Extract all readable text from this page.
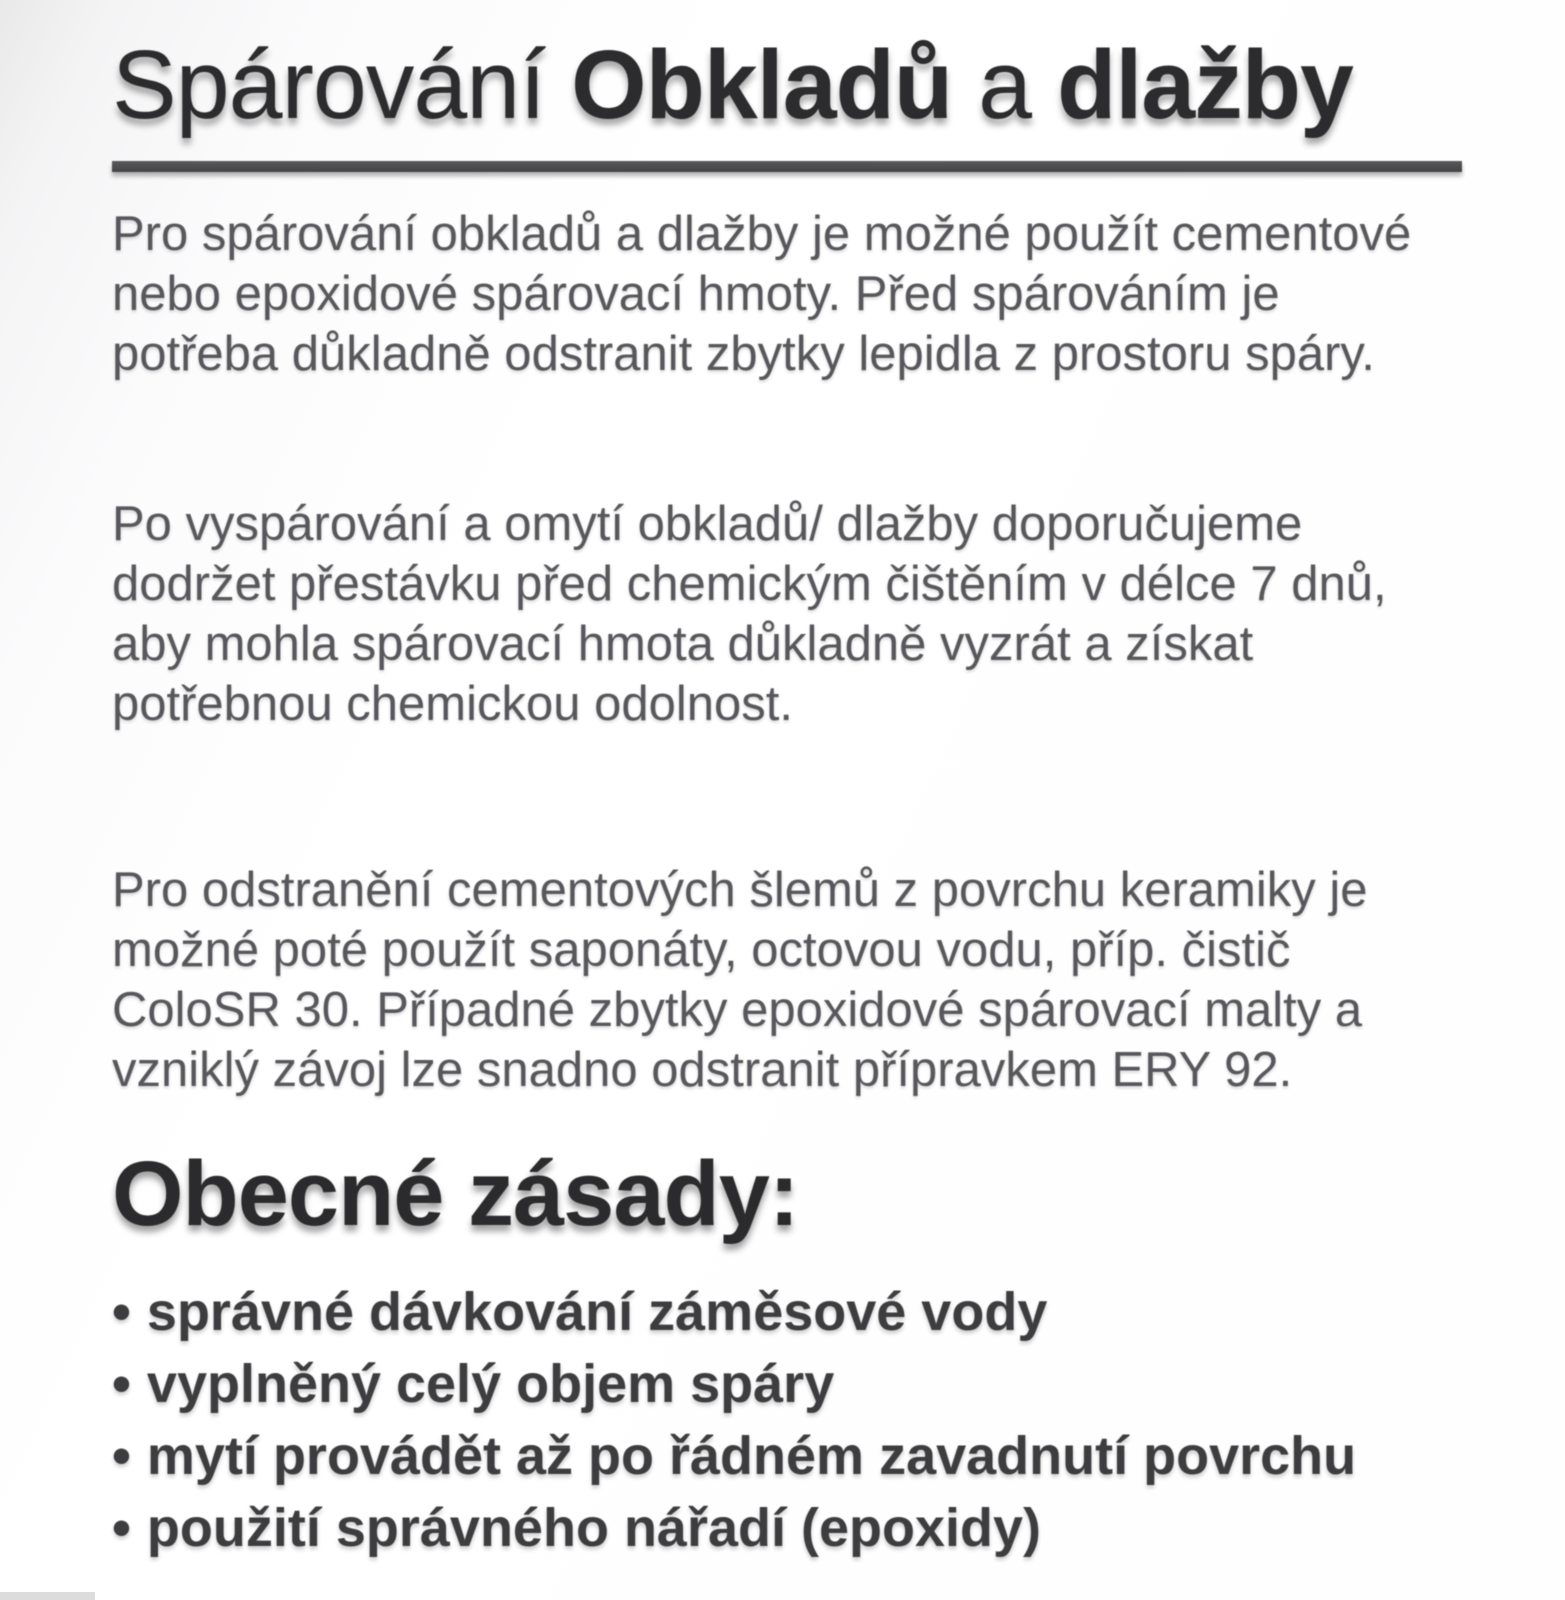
Spárování Obkladů a dlažby

Pro spárování obkladů a dlažby je možné použít cementové
nebo epoxidové spárovací hmoty. Před spárováním je
potřeba důkladně odstranit zbytky lepidla z prostoru spáry.

Po vyspárování a omytí obkladů/ dlažby doporučujeme
dodržet přestávku před chemickým čištěním v délce 7 dnů,
aby mohla spárovací hmota důkladně vyzrát a získat
potřebnou chemickou odolnost.

Pro odstranění cementových šlemů z povrchu keramiky je
možné poté použít saponáty, octovou vodu, příp. čistič
ColoSR 30. Případné zbytky epoxidové spárovací malty a
vzniklý závoj lze snadno odstranit přípravkem ERY 92.

Obecné zásady:
• správné dávkování záměsové vody
• vyplněný celý objem spáry
• mytí provádět až po řádném zavadnutí povrchu
• použití správného nářadí (epoxidy)
